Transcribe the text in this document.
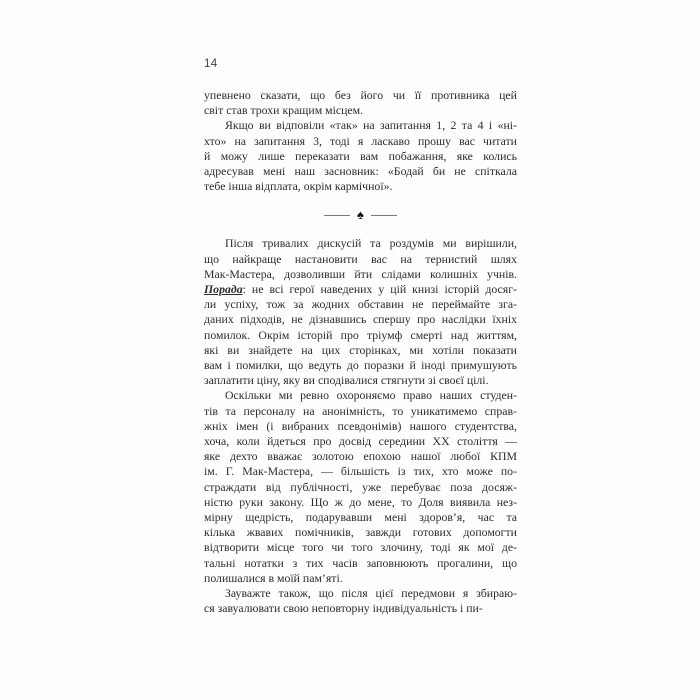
14
упевнено сказати, що без його чи її противника цей
світ став трохи кращим місцем.
Якщо ви відповіли «так» на запитання 1, 2 та 4 і «ні-
хто» на запитання 3, тоді я ласкаво прошу вас читати
й можу лише переказати вам побажання, яке колись
адресував мені наш засновник: «Бодай би не спіткала
тебе інша відплата, окрім кармічної».
♠
Після тривалих дискусій та роздумів ми вирішили,
що найкраще настановити вас на тернистий шлях
Мак-Мастера, дозволивши йти слідами колишніх учнів.
Порада: не всі герої наведених у цій книзі історій досяг-
ли успіху, тож за жодних обставин не переймайте зга-
даних підходів, не дізнавшись спершу про наслідки їхніх
помилок. Окрім історій про тріумф смерті над життям,
які ви знайдете на цих сторінках, ми хотіли показати
вам і помилки, що ведуть до поразки й іноді примушують
заплатити ціну, яку ви сподівалися стягнути зі своєї цілі.
Оскільки ми ревно охороняємо право наших студен-
тів та персоналу на анонімність, то уникатимемо справ-
жніх імен (і вибраних псевдонімів) нашого студентства,
хоча, коли йдеться про досвід середини XX століття —
яке дехто вважає золотою епохою нашої любої КПМ
ім. Г. Мак-Мастера, — більшість із тих, хто може по-
страждати від публічності, уже перебуває поза досяж-
ністю руки закону. Що ж до мене, то Доля виявила нез-
мірну щедрість, подарувавши мені здоров’я, час та
кілька жвавих помічників, завжди готових допомогти
відтворити місце того чи того злочину, тоді як мої де-
тальні нотатки з тих часів заповнюють прогалини, що
полишалися в моїй пам’яті.
Зауважте також, що після цієї передмови я збираю-
ся завуалювати свою неповторну індивідуальність і пи-
